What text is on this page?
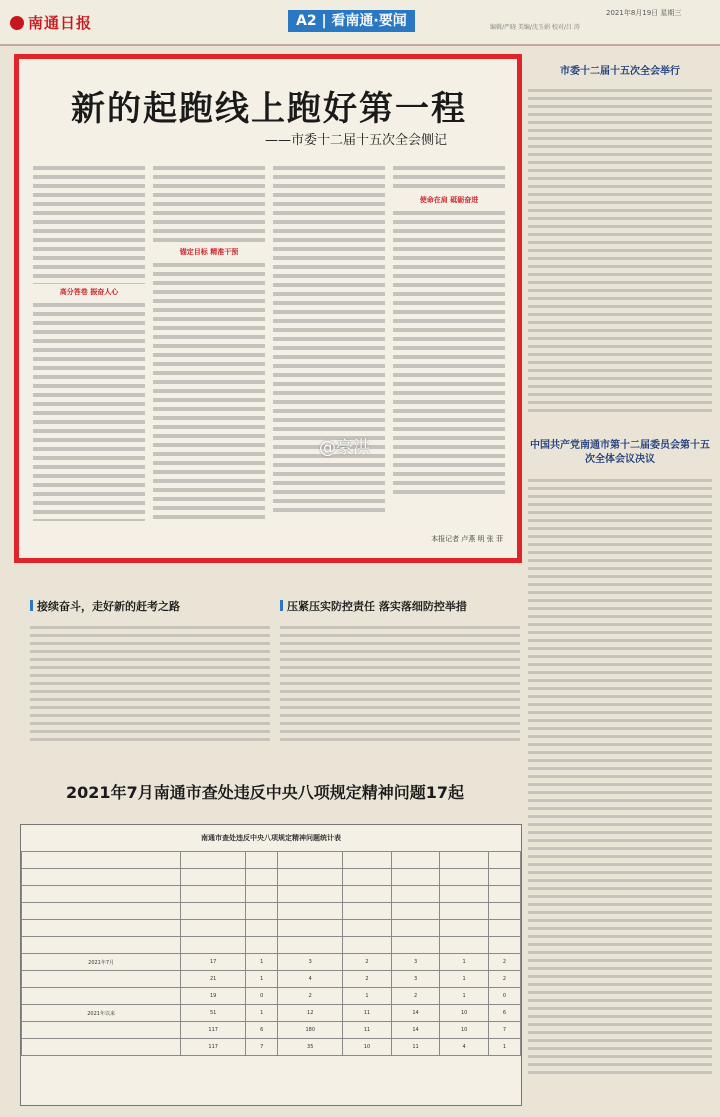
南通日报	A2 | 看南通·要闻	2021年8月19日 星期三
编辑/严晓 美编/沈玉娟 校对/吕 涛
新的起跑线上跑好第一程
——市委十二届十五次全会侧记
高分答卷 振奋人心
锚定目标 精准干预
使命在肩 砥砺奋进
本报记者 卢燕 明 张 菲
@豪洪
市委十二届十五次全会举行
中国共产党南通市第十二届委员会第十五次全体会议决议
接续奋斗，走好新的赶考之路	压紧压实防控责任 落实落细防控举措
2021年7月南通市查处违反中央八项规定精神问题17起
南通市查处违反中央八项规定精神问题统计表

2021年7月	17	1	3	2	3	1	2
	21	1	4	2	3	1	2
	19	0	2	1	2	1	0
2021年以来	51	1	12	11	14	10	6
	117	6	180	11	14	10	7
	117	7	35	10	11	4	1
